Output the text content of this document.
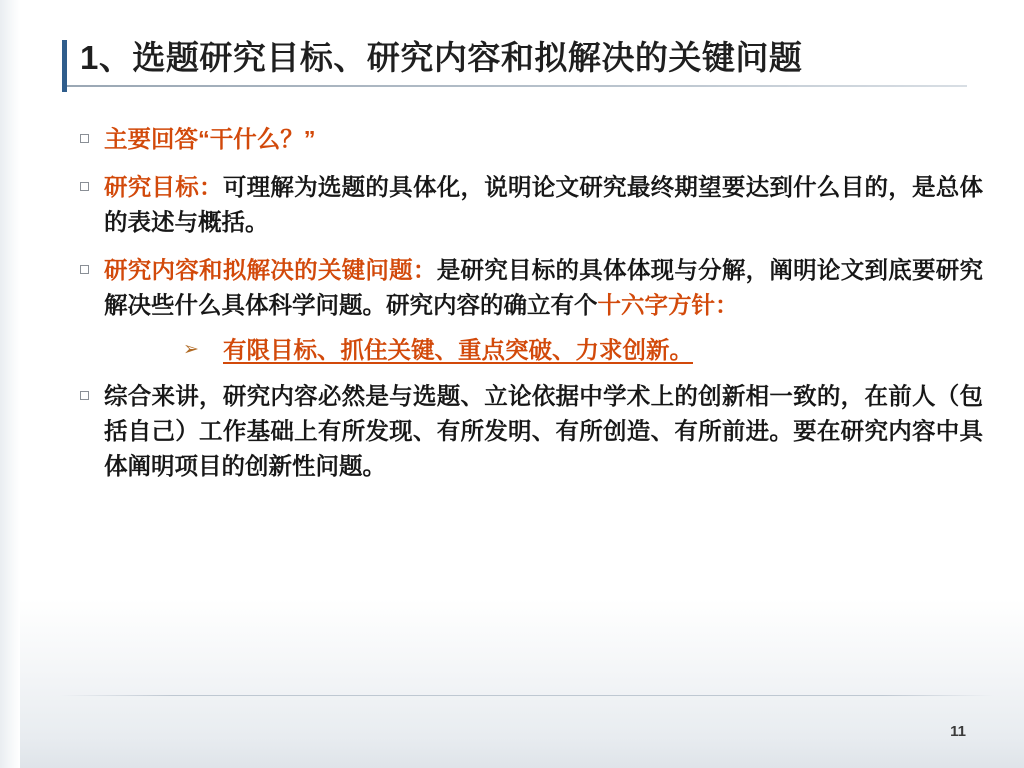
1、选题研究目标、研究内容和拟解决的关键问题
主要回答“干什么？”
研究目标：可理解为选题的具体化，说明论文研究最终期望要达到什么目的，是总体的表述与概括。
研究内容和拟解决的关键问题：是研究目标的具体体现与分解，阐明论文到底要研究解决些什么具体科学问题。研究内容的确立有个十六字方针：
➢	有限目标、抓住关键、重点突破、力求创新。
综合来讲，研究内容必然是与选题、立论依据中学术上的创新相一致的，在前人（包括自己）工作基础上有所发现、有所发明、有所创造、有所前进。要在研究内容中具体阐明项目的创新性问题。
11
